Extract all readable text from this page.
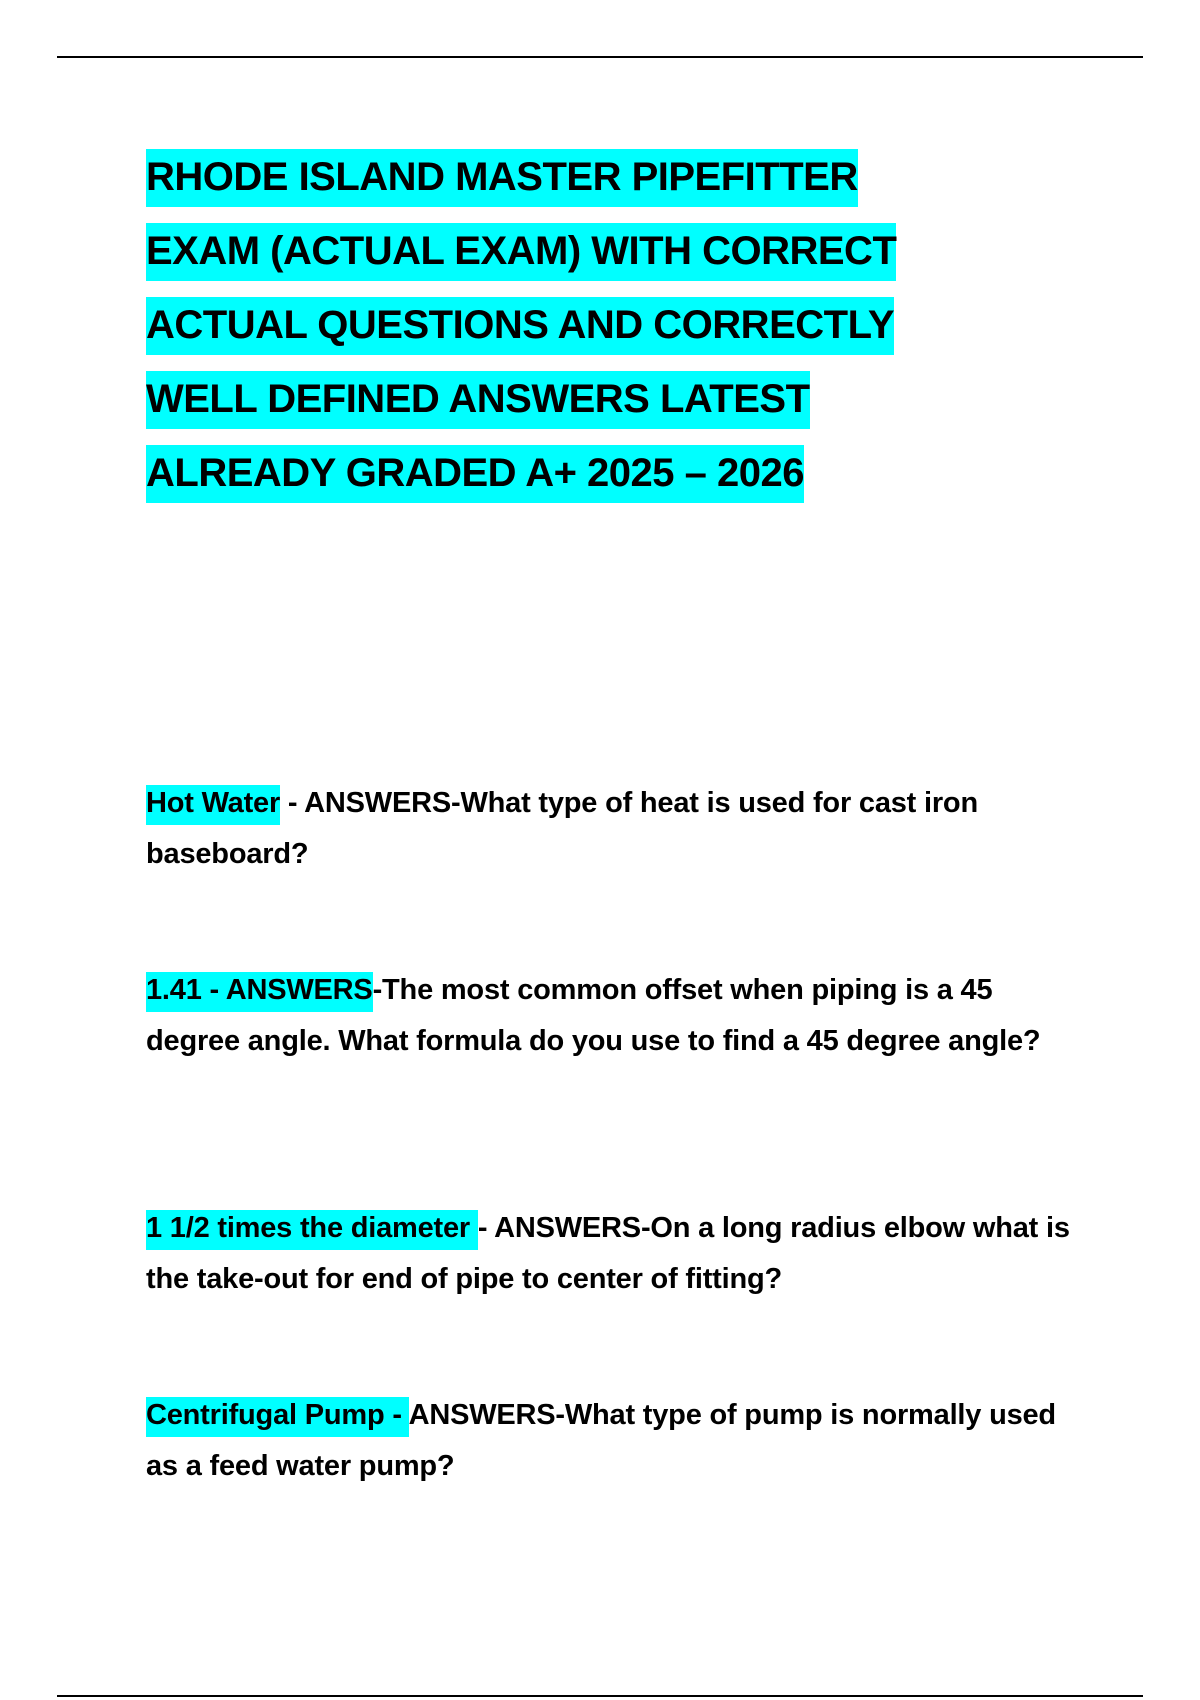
RHODE ISLAND MASTER PIPEFITTER
EXAM (ACTUAL EXAM) WITH CORRECT
ACTUAL QUESTIONS AND CORRECTLY
WELL DEFINED ANSWERS LATEST
ALREADY GRADED A+ 2025 – 2026

Hot Water - ANSWERS-What type of heat is used for cast iron baseboard?

1.41 - ANSWERS-The most common offset when piping is a 45 degree angle. What formula do you use to find a 45 degree angle?

1 1/2 times the diameter - ANSWERS-On a long radius elbow what is the take-out for end of pipe to center of fitting?

Centrifugal Pump - ANSWERS-What type of pump is normally used as a feed water pump?
